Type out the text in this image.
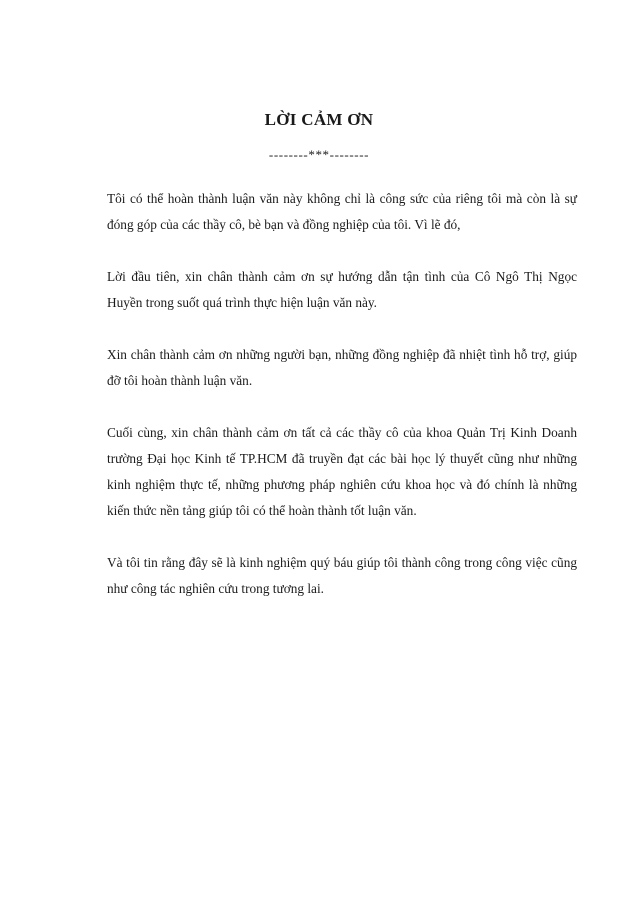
LỜI CẢM ƠN
--------***--------

Tôi có thể hoàn thành luận văn này không chỉ là công sức của riêng tôi mà còn là sự đóng góp của các thầy cô, bè bạn và đồng nghiệp của tôi. Vì lẽ đó,

Lời đầu tiên, xin chân thành cảm ơn sự hướng dẫn tận tình của Cô Ngô Thị Ngọc Huyền trong suốt quá trình thực hiện luận văn này.

Xin chân thành cảm ơn những người bạn, những đồng nghiệp đã nhiệt tình hỗ trợ, giúp đỡ tôi hoàn thành luận văn.

Cuối cùng, xin chân thành cảm ơn tất cả các thầy cô của khoa Quản Trị Kinh Doanh trường Đại học Kinh tế TP.HCM đã truyền đạt các bài học lý thuyết cũng như những kinh nghiệm thực tế, những phương pháp nghiên cứu khoa học và đó chính là những kiến thức nền tảng giúp tôi có thể hoàn thành tốt luận văn.

Và tôi tin rằng đây sẽ là kinh nghiệm quý báu giúp tôi thành công trong công việc cũng như công tác nghiên cứu trong tương lai.
